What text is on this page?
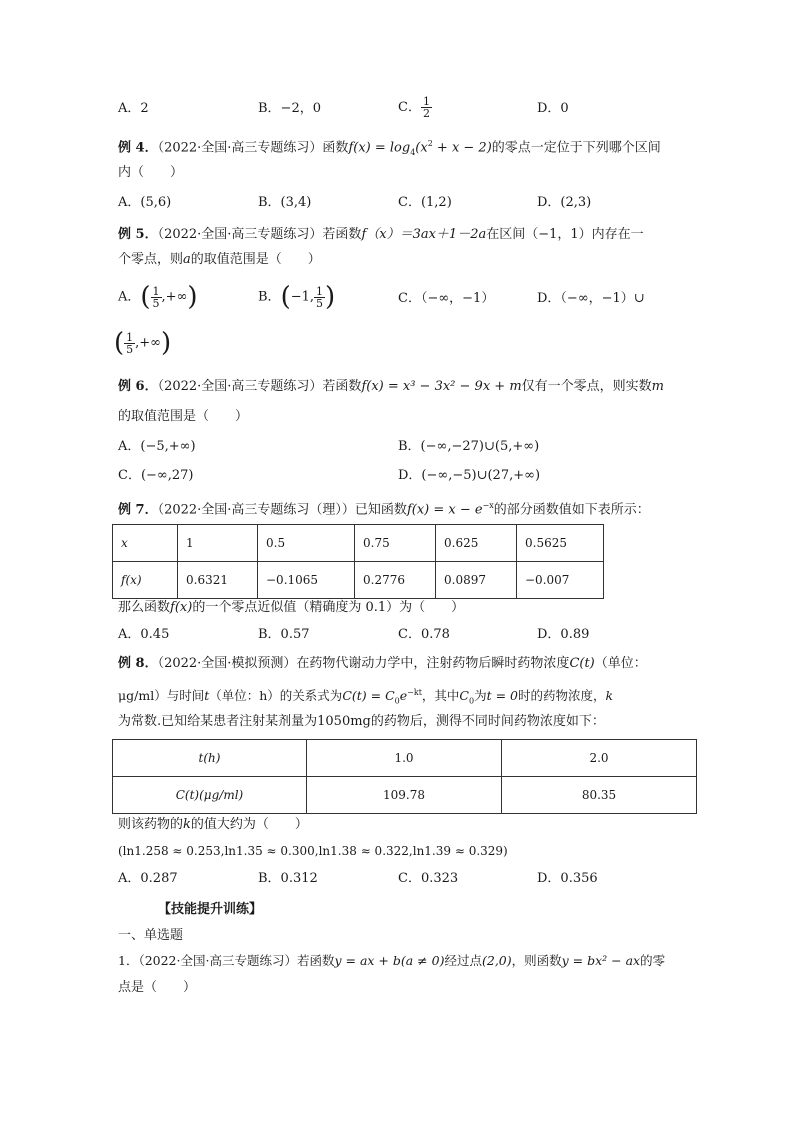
A．2	B．−2，0	C． $\frac{1}{2}$	D．0
例 4．（2022·全国·高三专题练习）函数$f(x) = \log_4(x^2 + x - 2)$的零点一定位于下列哪个区间
内（　　）
A．(5,6)	B．(3,4)	C．(1,2)	D．(2,3)
例 5．（2022·全国·高三专题练习）若函数f（x）＝3ax＋1－2a在区间（−1，1）内存在一
个零点，则a的取值范围是（　　）
A．( $\frac{1}{5}$ ,+∞)	B．(−1, $\frac{1}{5}$ )	C．（−∞，−1）	D．（−∞，−1）∪
( $\frac{1}{5}$ ,+∞)
例 6．（2022·全国·高三专题练习）若函数f(x) = x³ − 3x² − 9x + m仅有一个零点，则实数m
的取值范围是（　　）
A．(−5,+∞)	B．(−∞,−27)∪(5,+∞)
C．(−∞,27)	D．(−∞,−5)∪(27,+∞)
例 7．（2022·全国·高三专题练习（理））已知函数$f(x) = x - e^{-x}$的部分函数值如下表所示：
x	1	0.5	0.75	0.625	0.5625
f(x)	0.6321	−0.1065	0.2776	0.0897	−0.007
那么函数f(x)的一个零点近似值（精确度为 0.1）为（　　）
A．0.45	B．0.57	C．0.78	D．0.89
例 8．（2022·全国·模拟预测）在药物代谢动力学中，注射药物后瞬时药物浓度C(t)（单位：
μg/ml）与时间t（单位：h）的关系式为$C(t) = C_0e^{-kt}$，其中$C_0$为t = 0时的药物浓度，k
为常数.已知给某患者注射某剂量为1050mg的药物后，测得不同时间药物浓度如下：
t(h)	1.0	2.0
C(t)(μg/ml)	109.78	80.35
则该药物的k的值大约为（　　）
(ln1.258 ≈ 0.253,ln1.35 ≈ 0.300,ln1.38 ≈ 0.322,ln1.39 ≈ 0.329)
A．0.287	B．0.312	C．0.323	D．0.356
【技能提升训练】
一、单选题
1．（2022·全国·高三专题练习）若函数y = ax + b(a ≠ 0)经过点(2,0)，则函数y = bx² − ax的零
点是（　　）
